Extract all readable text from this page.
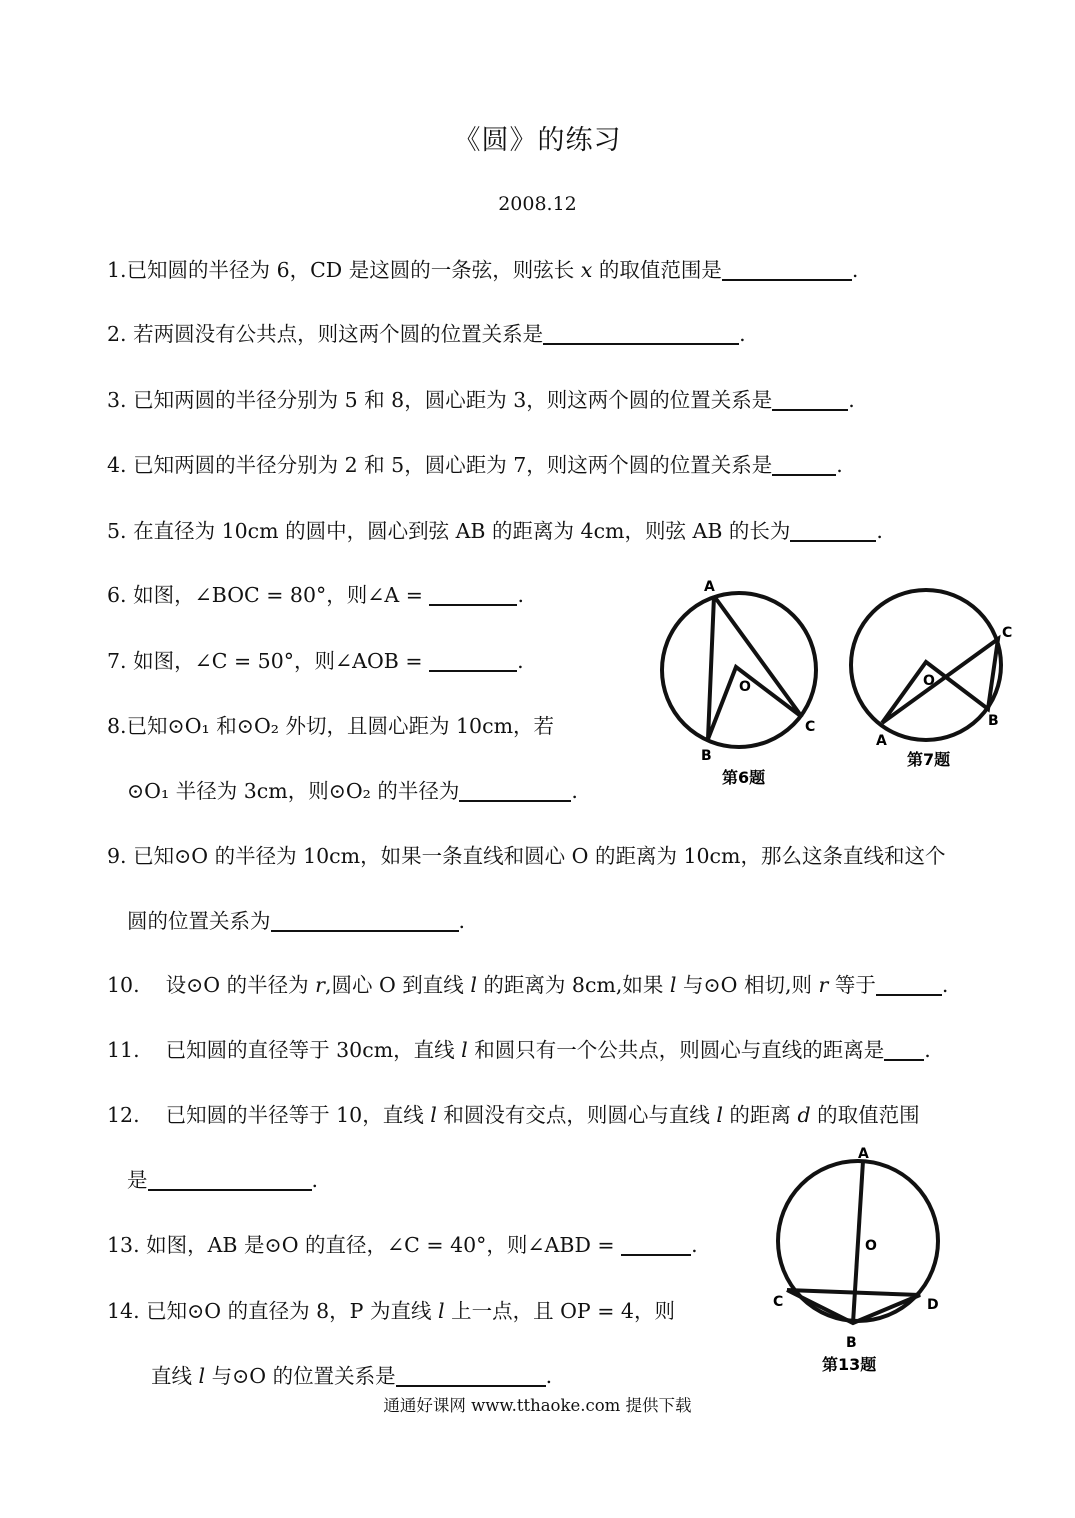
《圆》的练习
2008.12
1.已知圆的半径为 6，CD 是这圆的一条弦，则弦长 x 的取值范围是	.
2. 若两圆没有公共点，则这两个圆的位置关系是	.
3. 已知两圆的半径分别为 5 和 8，圆心距为 3，则这两个圆的位置关系是	.
4. 已知两圆的半径分别为 2 和 5，圆心距为 7，则这两个圆的位置关系是	.
5. 在直径为 10cm 的圆中，圆心到弦 AB 的距离为 4cm，则弦 AB 的长为	.
6. 如图，∠BOC = 80°，则∠A =	.
7. 如图，∠C = 50°，则∠AOB =	.
8.已知⊙O₁ 和⊙O₂ 外切，且圆心距为 10cm，若
⊙O₁ 半径为 3cm，则⊙O₂ 的半径为	.
9. 已知⊙O 的半径为 10cm，如果一条直线和圆心 O 的距离为 10cm，那么这条直线和这个
圆的位置关系为	.
10. 设⊙O 的半径为 r,圆心 O 到直线 l 的距离为 8cm,如果 l 与⊙O 相切,则 r 等于	.
11. 已知圆的直径等于 30cm，直线 l 和圆只有一个公共点，则圆心与直线的距离是 .
12. 已知圆的半径等于 10，直线 l 和圆没有交点，则圆心与直线 l 的距离 d 的取值范围
是	.
13. 如图，AB 是⊙O 的直径，∠C = 40°，则∠ABD =	.
14. 已知⊙O 的直径为 8，P 为直线 l 上一点，且 OP = 4，则
直线 l 与⊙O 的位置关系是	.
A
O
B
C
第6题
C
O
A
B
第7题
A
O
C	D
B
第13题
通通好课网 www.tthaoke.com 提供下载
